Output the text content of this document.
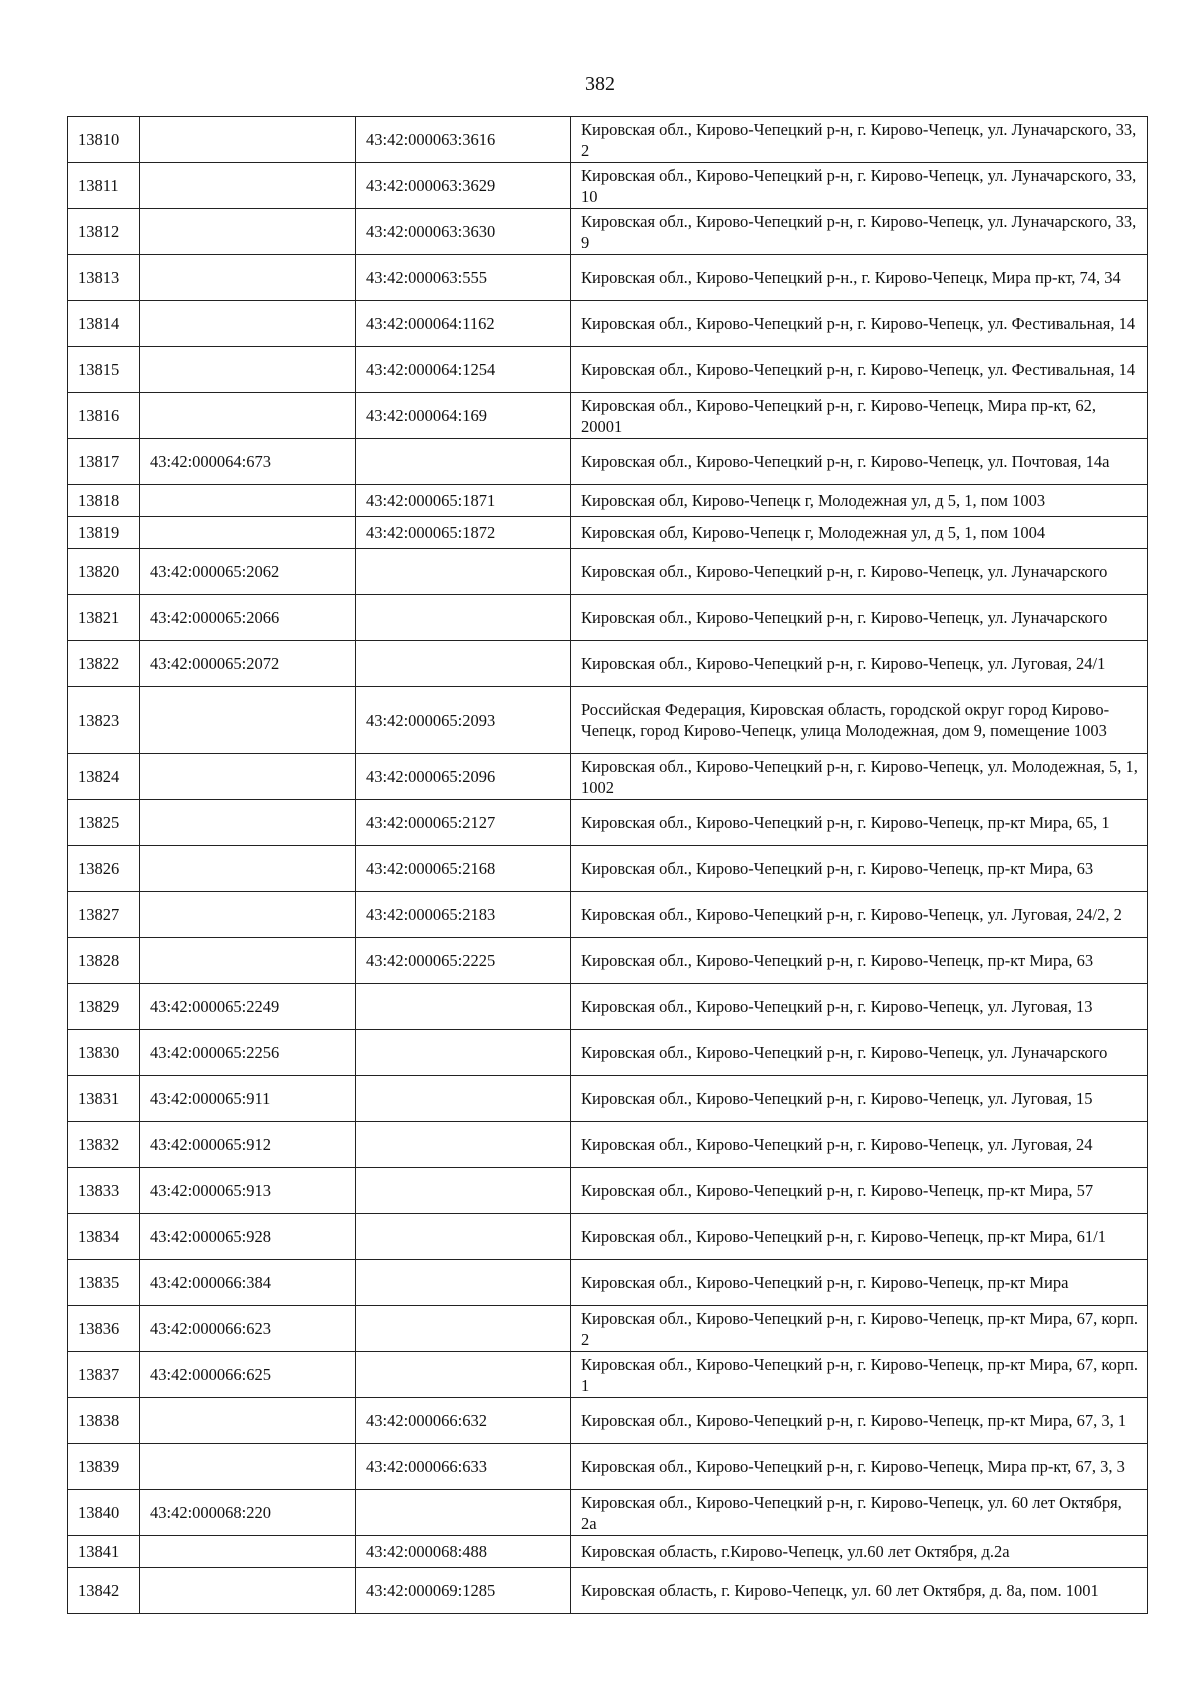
382
13810		43:42:000063:3616	Кировская обл., Кирово-Чепецкий р-н, г. Кирово-Чепецк, ул. Луначарского, 33, 2
13811		43:42:000063:3629	Кировская обл., Кирово-Чепецкий р-н, г. Кирово-Чепецк, ул. Луначарского, 33, 10
13812		43:42:000063:3630	Кировская обл., Кирово-Чепецкий р-н, г. Кирово-Чепецк, ул. Луначарского, 33, 9
13813		43:42:000063:555	Кировская обл., Кирово-Чепецкий р-н., г. Кирово-Чепецк, Мира пр-кт, 74, 34
13814		43:42:000064:1162	Кировская обл., Кирово-Чепецкий р-н, г. Кирово-Чепецк, ул. Фестивальная, 14
13815		43:42:000064:1254	Кировская обл., Кирово-Чепецкий р-н, г. Кирово-Чепецк, ул. Фестивальная, 14
13816		43:42:000064:169	Кировская обл., Кирово-Чепецкий р-н, г. Кирово-Чепецк, Мира пр-кт, 62, 20001
13817	43:42:000064:673		Кировская обл., Кирово-Чепецкий р-н, г. Кирово-Чепецк, ул. Почтовая, 14а
13818		43:42:000065:1871	Кировская обл, Кирово-Чепецк г, Молодежная ул, д 5, 1, пом 1003
13819		43:42:000065:1872	Кировская обл, Кирово-Чепецк г, Молодежная ул, д 5, 1, пом 1004
13820	43:42:000065:2062		Кировская обл., Кирово-Чепецкий р-н, г. Кирово-Чепецк, ул. Луначарского
13821	43:42:000065:2066		Кировская обл., Кирово-Чепецкий р-н, г. Кирово-Чепецк, ул. Луначарского
13822	43:42:000065:2072		Кировская обл., Кирово-Чепецкий р-н, г. Кирово-Чепецк, ул. Луговая, 24/1
13823		43:42:000065:2093	Российская Федерация, Кировская область, городской округ город Кирово-Чепецк, город Кирово-Чепецк, улица Молодежная, дом 9, помещение 1003
13824		43:42:000065:2096	Кировская обл., Кирово-Чепецкий р-н, г. Кирово-Чепецк, ул. Молодежная, 5, 1, 1002
13825		43:42:000065:2127	Кировская обл., Кирово-Чепецкий р-н, г. Кирово-Чепецк, пр-кт Мира, 65, 1
13826		43:42:000065:2168	Кировская обл., Кирово-Чепецкий р-н, г. Кирово-Чепецк, пр-кт Мира, 63
13827		43:42:000065:2183	Кировская обл., Кирово-Чепецкий р-н, г. Кирово-Чепецк, ул. Луговая, 24/2, 2
13828		43:42:000065:2225	Кировская обл., Кирово-Чепецкий р-н, г. Кирово-Чепецк, пр-кт Мира, 63
13829	43:42:000065:2249		Кировская обл., Кирово-Чепецкий р-н, г. Кирово-Чепецк, ул. Луговая, 13
13830	43:42:000065:2256		Кировская обл., Кирово-Чепецкий р-н, г. Кирово-Чепецк, ул. Луначарского
13831	43:42:000065:911		Кировская обл., Кирово-Чепецкий р-н, г. Кирово-Чепецк, ул. Луговая, 15
13832	43:42:000065:912		Кировская обл., Кирово-Чепецкий р-н, г. Кирово-Чепецк, ул. Луговая, 24
13833	43:42:000065:913		Кировская обл., Кирово-Чепецкий р-н, г. Кирово-Чепецк, пр-кт Мира, 57
13834	43:42:000065:928		Кировская обл., Кирово-Чепецкий р-н, г. Кирово-Чепецк, пр-кт Мира, 61/1
13835	43:42:000066:384		Кировская обл., Кирово-Чепецкий р-н, г. Кирово-Чепецк, пр-кт Мира
13836	43:42:000066:623		Кировская обл., Кирово-Чепецкий р-н, г. Кирово-Чепецк, пр-кт Мира, 67, корп. 2
13837	43:42:000066:625		Кировская обл., Кирово-Чепецкий р-н, г. Кирово-Чепецк, пр-кт Мира, 67, корп. 1
13838		43:42:000066:632	Кировская обл., Кирово-Чепецкий р-н, г. Кирово-Чепецк, пр-кт Мира, 67, 3, 1
13839		43:42:000066:633	Кировская обл., Кирово-Чепецкий р-н, г. Кирово-Чепецк, Мира пр-кт, 67, 3, 3
13840	43:42:000068:220		Кировская обл., Кирово-Чепецкий р-н, г. Кирово-Чепецк, ул. 60 лет Октября, 2а
13841		43:42:000068:488	Кировская область, г.Кирово-Чепецк, ул.60 лет Октября, д.2а
13842		43:42:000069:1285	Кировская область, г. Кирово-Чепецк, ул. 60 лет Октября, д. 8а, пом. 1001
